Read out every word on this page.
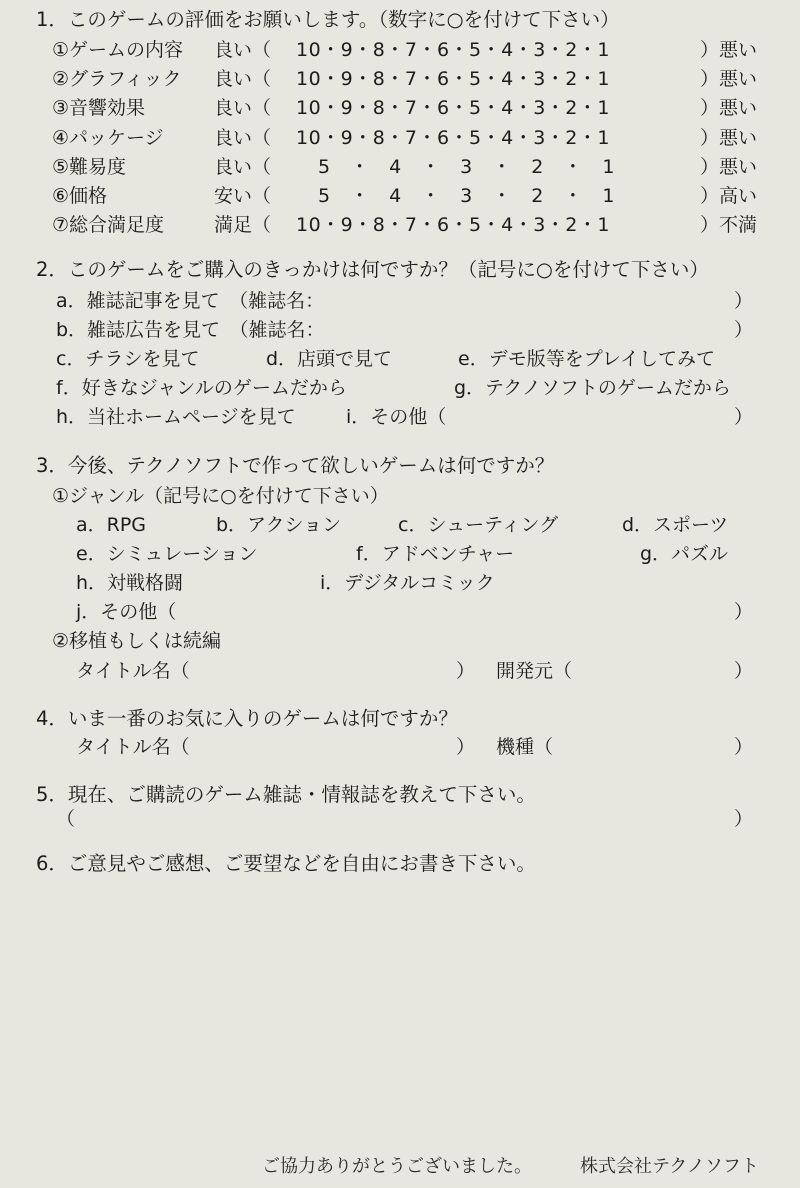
1．このゲームの評価をお願いします。（数字に○を付けて下さい）
①ゲームの内容 良い（ 10・9・8・7・6・5・4・3・2・1	）悪い
②グラフィック 良い（ 10・9・8・7・6・5・4・3・2・1	）悪い
③音響効果	良い（ 10・9・8・7・6・5・4・3・2・1	）悪い
④パッケージ	良い（ 10・9・8・7・6・5・4・3・2・1	）悪い
⑤難易度	良い（ 5　・　4　・　3　・　2　・　1	）悪い
⑥価格	安い（ 5　・　4　・　3　・　2　・　1	）高い
⑦総合満足度	満足（ 10・9・8・7・6・5・4・3・2・1	）不満
2．このゲームをご購入のきっかけは何ですか？（記号に○を付けて下さい）
a．雑誌記事を見て　（雑誌名：	）
b．雑誌広告を見て　（雑誌名：	）
c．チラシを見て	d．店頭で見て	e．デモ版等をプレイしてみて
f．好きなジャンルのゲームだから	g．テクノソフトのゲームだから
h．当社ホームページを見て	i．その他（	）
3．今後、テクノソフトで作って欲しいゲームは何ですか？
①ジャンル（記号に○を付けて下さい）
a．RPG	b．アクション	c．シューティング	d．スポーツ
e．シミュレーション	f．アドベンチャー	g．パズル
h．対戦格闘	i．デジタルコミック
j．その他（	）
②移植もしくは続編
タイトル名（	） 開発元（	）
4．いま一番のお気に入りのゲームは何ですか？
タイトル名（	） 機種（	）
5．現在、ご購読のゲーム雑誌・情報誌を教えて下さい。
（	）
6．ご意見やご感想、ご要望などを自由にお書き下さい。
ご協力ありがとうございました。	株式会社テクノソフト
